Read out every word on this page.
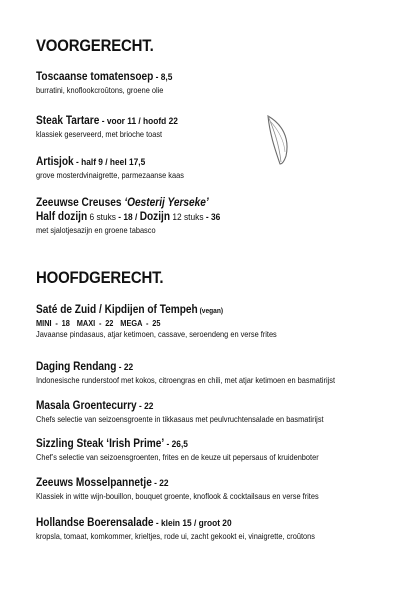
VOORGERECHT.
Toscaanse tomatensoep - 8,5
burratini, knoflookcroûtons, groene olie
Steak Tartare - voor 11 / hoofd 22
klassiek geserveerd, met brioche toast
Artisjok - half 9 / heel 17,5
grove mosterdvinaigrette, parmezaanse kaas
Zeeuwse Creuses ‘Oesterij Yerseke’
Half dozijn 6 stuks - 18 / Dozijn 12 stuks - 36
met sjalotjesazijn en groene tabasco
HOOFDGERECHT.
Saté de Zuid / Kipdijen of Tempeh (vegan)
MINI - 18 MAXI - 22 MEGA - 25
Javaanse pindasaus, atjar ketimoen, cassave, seroendeng en verse frites
Daging Rendang - 22
Indonesische runderstoof met kokos, citroengras en chili, met atjar ketimoen en basmatirijst
Masala Groentecurry - 22
Chefs selectie van seizoensgroente in tikkasaus met peulvruchtensalade en basmatirijst
Sizzling Steak ‘Irish Prime’ - 26,5
Chef’s selectie van seizoensgroenten, frites en de keuze uit pepersaus of kruidenboter
Zeeuws Mosselpannetje - 22
Klassiek in witte wijn-bouillon, bouquet groente, knoflook & cocktailsaus en verse frites
Hollandse Boerensalade - klein 15 / groot 20
kropsla, tomaat, komkommer, krieltjes, rode ui, zacht gekookt ei, vinaigrette, croûtons
